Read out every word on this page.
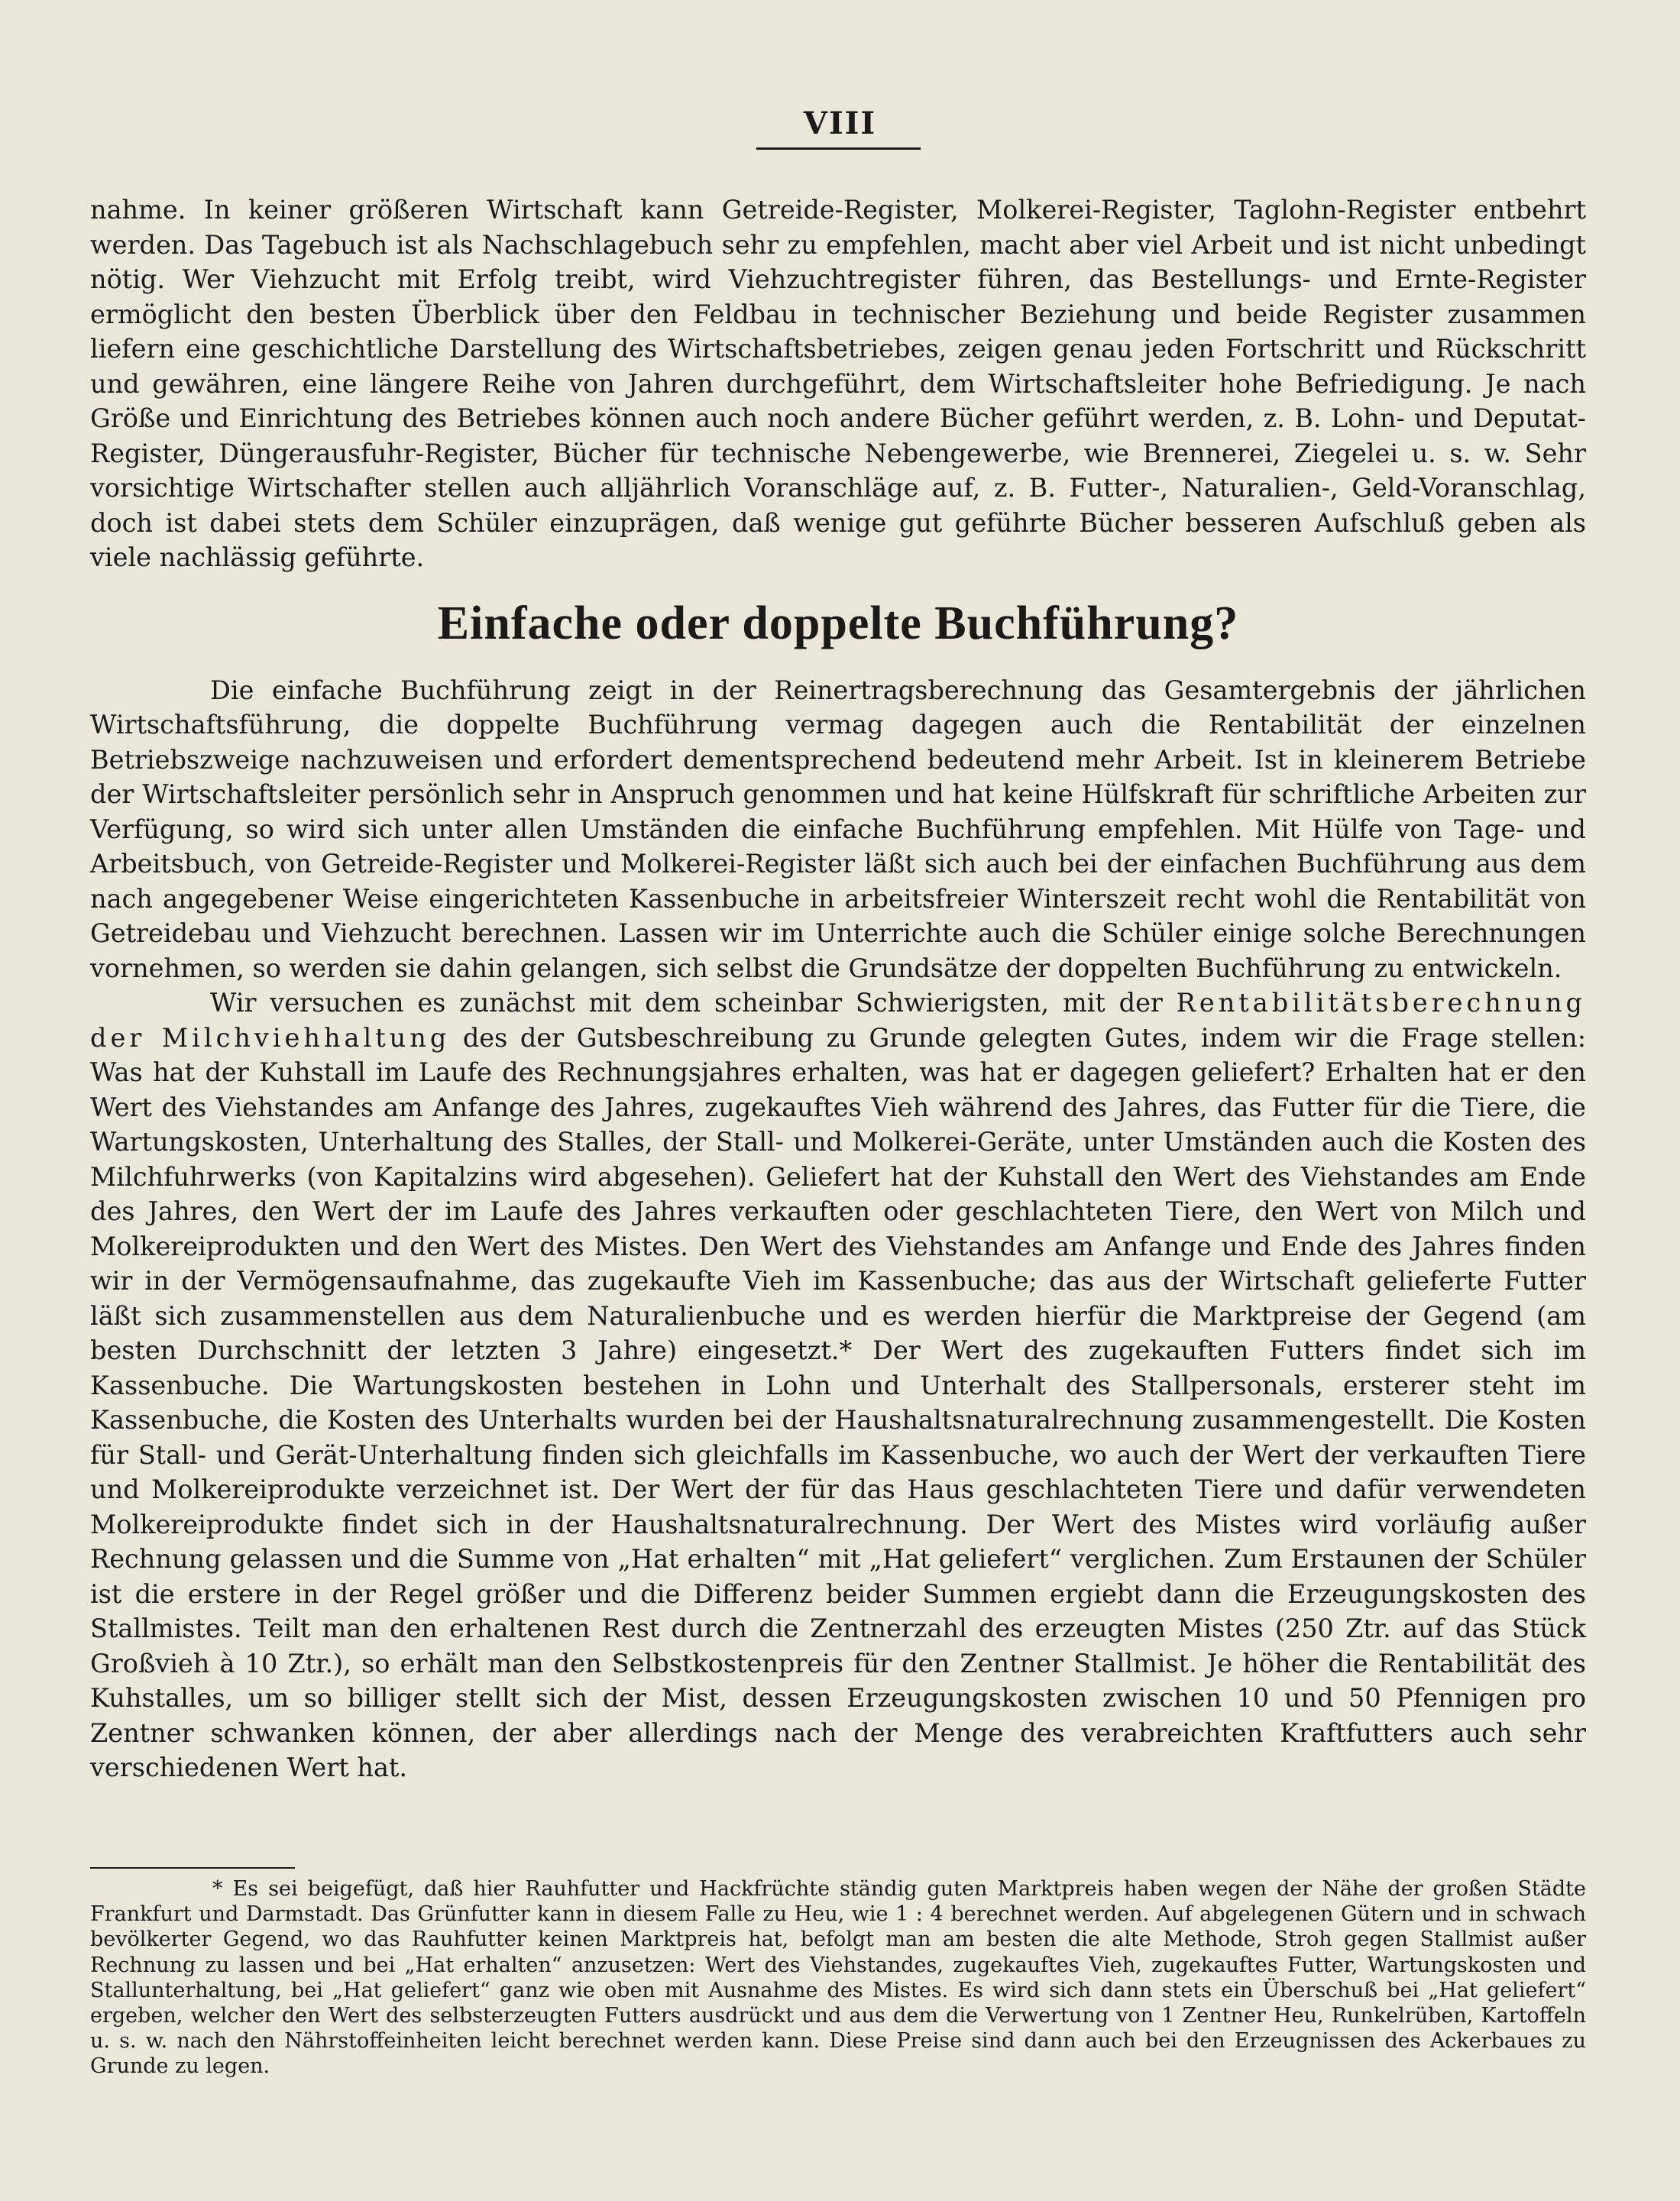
VIII

nahme. In keiner größeren Wirtschaft kann Getreide-Register, Molkerei-Register, Taglohn-Register entbehrt werden. Das Tagebuch ist als Nachschlagebuch sehr zu empfehlen, macht aber viel Arbeit und ist nicht unbedingt nötig. Wer Viehzucht mit Erfolg treibt, wird Viehzuchtregister führen, das Bestellungs- und Ernte-Register ermöglicht den besten Überblick über den Feldbau in technischer Beziehung und beide Register zusammen liefern eine geschichtliche Darstellung des Wirtschaftsbetriebes, zeigen genau jeden Fortschritt und Rückschritt und gewähren, eine längere Reihe von Jahren durchgeführt, dem Wirtschaftsleiter hohe Befriedigung. Je nach Größe und Einrichtung des Betriebes können auch noch andere Bücher geführt werden, z. B. Lohn- und Deputat-Register, Düngerausfuhr-Register, Bücher für technische Nebengewerbe, wie Brennerei, Ziegelei u. s. w. Sehr vorsichtige Wirtschafter stellen auch alljährlich Voranschläge auf, z. B. Futter-, Naturalien-, Geld-Voranschlag, doch ist dabei stets dem Schüler einzuprägen, daß wenige gut geführte Bücher besseren Aufschluß geben als viele nachlässig geführte.

Einfache oder doppelte Buchführung?

Die einfache Buchführung zeigt in der Reinertragsberechnung das Gesamtergebnis der jährlichen Wirtschaftsführung, die doppelte Buchführung vermag dagegen auch die Rentabilität der einzelnen Betriebszweige nachzuweisen und erfordert dementsprechend bedeutend mehr Arbeit. Ist in kleinerem Betriebe der Wirtschaftsleiter persönlich sehr in Anspruch genommen und hat keine Hülfskraft für schriftliche Arbeiten zur Verfügung, so wird sich unter allen Umständen die einfache Buchführung empfehlen. Mit Hülfe von Tage- und Arbeitsbuch, von Getreide-Register und Molkerei-Register läßt sich auch bei der einfachen Buchführung aus dem nach angegebener Weise eingerichteten Kassenbuche in arbeitsfreier Winterszeit recht wohl die Rentabilität von Getreidebau und Viehzucht berechnen. Lassen wir im Unterrichte auch die Schüler einige solche Berechnungen vornehmen, so werden sie dahin gelangen, sich selbst die Grundsätze der doppelten Buchführung zu entwickeln.

Wir versuchen es zunächst mit dem scheinbar Schwierigsten, mit der Rentabilitätsberechnung der Milchviehhaltung des der Gutsbeschreibung zu Grunde gelegten Gutes, indem wir die Frage stellen: Was hat der Kuhstall im Laufe des Rechnungsjahres erhalten, was hat er dagegen geliefert? Erhalten hat er den Wert des Viehstandes am Anfange des Jahres, zugekauftes Vieh während des Jahres, das Futter für die Tiere, die Wartungskosten, Unterhaltung des Stalles, der Stall- und Molkerei-Geräte, unter Umständen auch die Kosten des Milchfuhrwerks (von Kapitalzins wird abgesehen). Geliefert hat der Kuhstall den Wert des Viehstandes am Ende des Jahres, den Wert der im Laufe des Jahres verkauften oder geschlachteten Tiere, den Wert von Milch und Molkereiprodukten und den Wert des Mistes. Den Wert des Viehstandes am Anfange und Ende des Jahres finden wir in der Vermögensaufnahme, das zugekaufte Vieh im Kassenbuche; das aus der Wirtschaft gelieferte Futter läßt sich zusammenstellen aus dem Naturalienbuche und es werden hierfür die Marktpreise der Gegend (am besten Durchschnitt der letzten 3 Jahre) eingesetzt.* Der Wert des zugekauften Futters findet sich im Kassenbuche. Die Wartungskosten bestehen in Lohn und Unterhalt des Stallpersonals, ersterer steht im Kassenbuche, die Kosten des Unterhalts wurden bei der Haushaltsnaturalrechnung zusammengestellt. Die Kosten für Stall- und Gerät-Unterhaltung finden sich gleichfalls im Kassenbuche, wo auch der Wert der verkauften Tiere und Molkereiprodukte verzeichnet ist. Der Wert der für das Haus geschlachteten Tiere und dafür verwendeten Molkereiprodukte findet sich in der Haushaltsnaturalrechnung. Der Wert des Mistes wird vorläufig außer Rechnung gelassen und die Summe von „Hat erhalten“ mit „Hat geliefert“ verglichen. Zum Erstaunen der Schüler ist die erstere in der Regel größer und die Differenz beider Summen ergiebt dann die Erzeugungskosten des Stallmistes. Teilt man den erhaltenen Rest durch die Zentnerzahl des erzeugten Mistes (250 Ztr. auf das Stück Großvieh à 10 Ztr.), so erhält man den Selbstkostenpreis für den Zentner Stallmist. Je höher die Rentabilität des Kuhstalles, um so billiger stellt sich der Mist, dessen Erzeugungskosten zwischen 10 und 50 Pfennigen pro Zentner schwanken können, der aber allerdings nach der Menge des verabreichten Kraftfutters auch sehr verschiedenen Wert hat.

* Es sei beigefügt, daß hier Rauhfutter und Hackfrüchte ständig guten Marktpreis haben wegen der Nähe der großen Städte Frankfurt und Darmstadt. Das Grünfutter kann in diesem Falle zu Heu, wie 1 : 4 berechnet werden. Auf abgelegenen Gütern und in schwach bevölkerter Gegend, wo das Rauhfutter keinen Marktpreis hat, befolgt man am besten die alte Methode, Stroh gegen Stallmist außer Rechnung zu lassen und bei „Hat erhalten“ anzusetzen: Wert des Viehstandes, zugekauftes Vieh, zugekauftes Futter, Wartungskosten und Stallunterhaltung, bei „Hat geliefert“ ganz wie oben mit Ausnahme des Mistes. Es wird sich dann stets ein Überschuß bei „Hat geliefert“ ergeben, welcher den Wert des selbsterzeugten Futters ausdrückt und aus dem die Verwertung von 1 Zentner Heu, Runkelrüben, Kartoffeln u. s. w. nach den Nährstoffeinheiten leicht berechnet werden kann. Diese Preise sind dann auch bei den Erzeugnissen des Ackerbaues zu Grunde zu legen.
